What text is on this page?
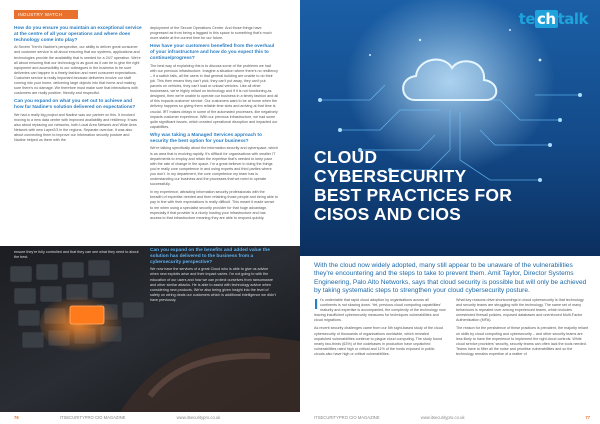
INDUSTRY WATCH
How do you ensure you maintain an exceptional service at the centre of all your operations and where does technology come into play?
At Severn Trent's Nadine's perspective, our ability to deliver great consumer and customer service is all about ensuring that our systems, applications and technologies provide the availability that is needed for a 24/7 operation. We're all about ensuring that our technology is as good as it can be to give the right equipment and accessibility to our colleagues in the business to be sure deliveries can happen in a timely fashion and meet consumer expectations. Customer service is really important because deliveries involve our staff coming into your home, delivering large objects into that home and making sure there's no damage. We therefore must make sure that interactions with customers are really positive, friendly and respectful.
Can you expand on what you set out to achieve and how far Nadine's solution delivered on expectations?
We had a really big project and Nadine was our partner on this. It involved moving to a new data centre with improved availability and resiliency. It was also about replacing our networks, both Local Area Network and Wide Area Network with new Layer2/3 in the regions. Separate overdue. It was also about connecting them to improve our information security posture and Nadine helped us there with the
deployment of the Secure Operations Centre. And those things have progressed as from being a laggard in this space to something that's much more stable at the current time for our future.
How have your customers benefited from the overhaul of your infrastructure and how do you expect this to continue/progress?
The best way of explaining this is to discuss some of the problems we had with our previous infrastructure. Imagine a situation where there's no resiliency – if a switch fails, all the users in that general building are unable to do their job. This then means they can't pick, they can't put away, they can't put parcels on vehicles, they can't load or unload vehicles. Like all other businesses, we're highly reliant on technology and if it is not functioning as designed, then we're unable to operate our business in a timely fashion and all of this impacts customer service. Our customers want to be at home when the delivery happens so giving them reliable time slots and arriving at that time is crucial. IRT makes delays in some of the automated processes, like negatively impacts customer experience. With our previous infrastructure, we had some quite significant issues, which created operational disruption and impacted our capabilities.
Why was taking a Managed Services approach to security the best option for your business?
We're talking specifically about the information security and cyberspace, which is an area that is evolving rapidly. It's difficult for organisations with smaller IT departments to employ and retain the expertise that's needed to keep pace with the rate of change in the space. I'm a great believer in doing the things you're really core competence in and using experts and third parties where you don't. In my department, the core competence my team has is understanding our business and the processes that we need to operate successfully.
In my experience, attracting information security professionals with the breadth of expertise needed and then retaining those people and being able to pay in line with their expectations is really difficult. This meant it made sense to me when using a specialist security provider for that huge advantage, especially if that provider is a nicely hosting your infrastructure and has access to that infrastructure meaning they are able to respond quickly.
ensure they're fully controlled and that they can see what they need to about the best.
Can you expand on the benefits and added value the solution has delivered to the business from a cybersecurity perspective?
We now have the services of a great Cloud who is able to give us advice when new exploits arise and their impact varies. I'm not going to with the education of our users and how we can protect ourselves from ransomware and other similar attacks. He is able to assist with technology advice when considering new products. We're also being given insight into the level of safety on wiring deals our customers which is additional intelligence we didn't have previously.
76	ITSECURITYPRO CIO MAGAZINE	www.itsecuritypro.co.uk
te ch talk
CLOUD CYBERSECURITY BEST PRACTICES FOR CISOS AND CIOS
With the cloud now widely adopted, many still appear to be unaware of the vulnerabilities they're encountering and the steps to take to prevent them. Amit Taylor, Director Systems Engineering, Palo Alto Networks, says that cloud security is possible but will only be achieved by taking systematic steps to strengthen your cloud cybersecurity posture.
I t's undeniable that rapid cloud adoption by organisations across all continents is not slowing down. Yet, previous cloud computing capabilities' maturity and expertise is accompanied, the complexity of the technology now leaving insufficient cybersecurity measures for techniques vulnerabilities and cloud migrations.
As recent security challenges came from our 5th sight-based study of the cloud cybersecurity of thousands of organisations worldwide, which revealed unpatched vulnerabilities continue to plague cloud computing. The study found nearly two-thirds (63%) of the codebases in production have unpatched vulnerabilities rated high or critical and 11% of the hosts exposed in public clouds also have high or critical vulnerabilities.
What key reasons drive shortcomings in cloud cybersecurity is that technology and security teams are struggling with the technology. The same set of many behaviours is repeated over among experienced teams, which includes unrestricted firewall policies, exposed databases and unenforced Multi-Factor Authentication (MFA).
The reason for the persistence of these practices is prevalent, the majority reliant on skills by cloud computing and cybersecurity – and other security teams are less likely to have the experience to implement the right cloud controls. While cloud service providers' security, security teams can often lack the tools needed. Teams have to filter all the noise and prioritise vulnerabilities and so the technology remains expertise of a matter of
ITSECURITYPRO CIO MAGAZINE	www.itsecuritypro.co.uk	77
